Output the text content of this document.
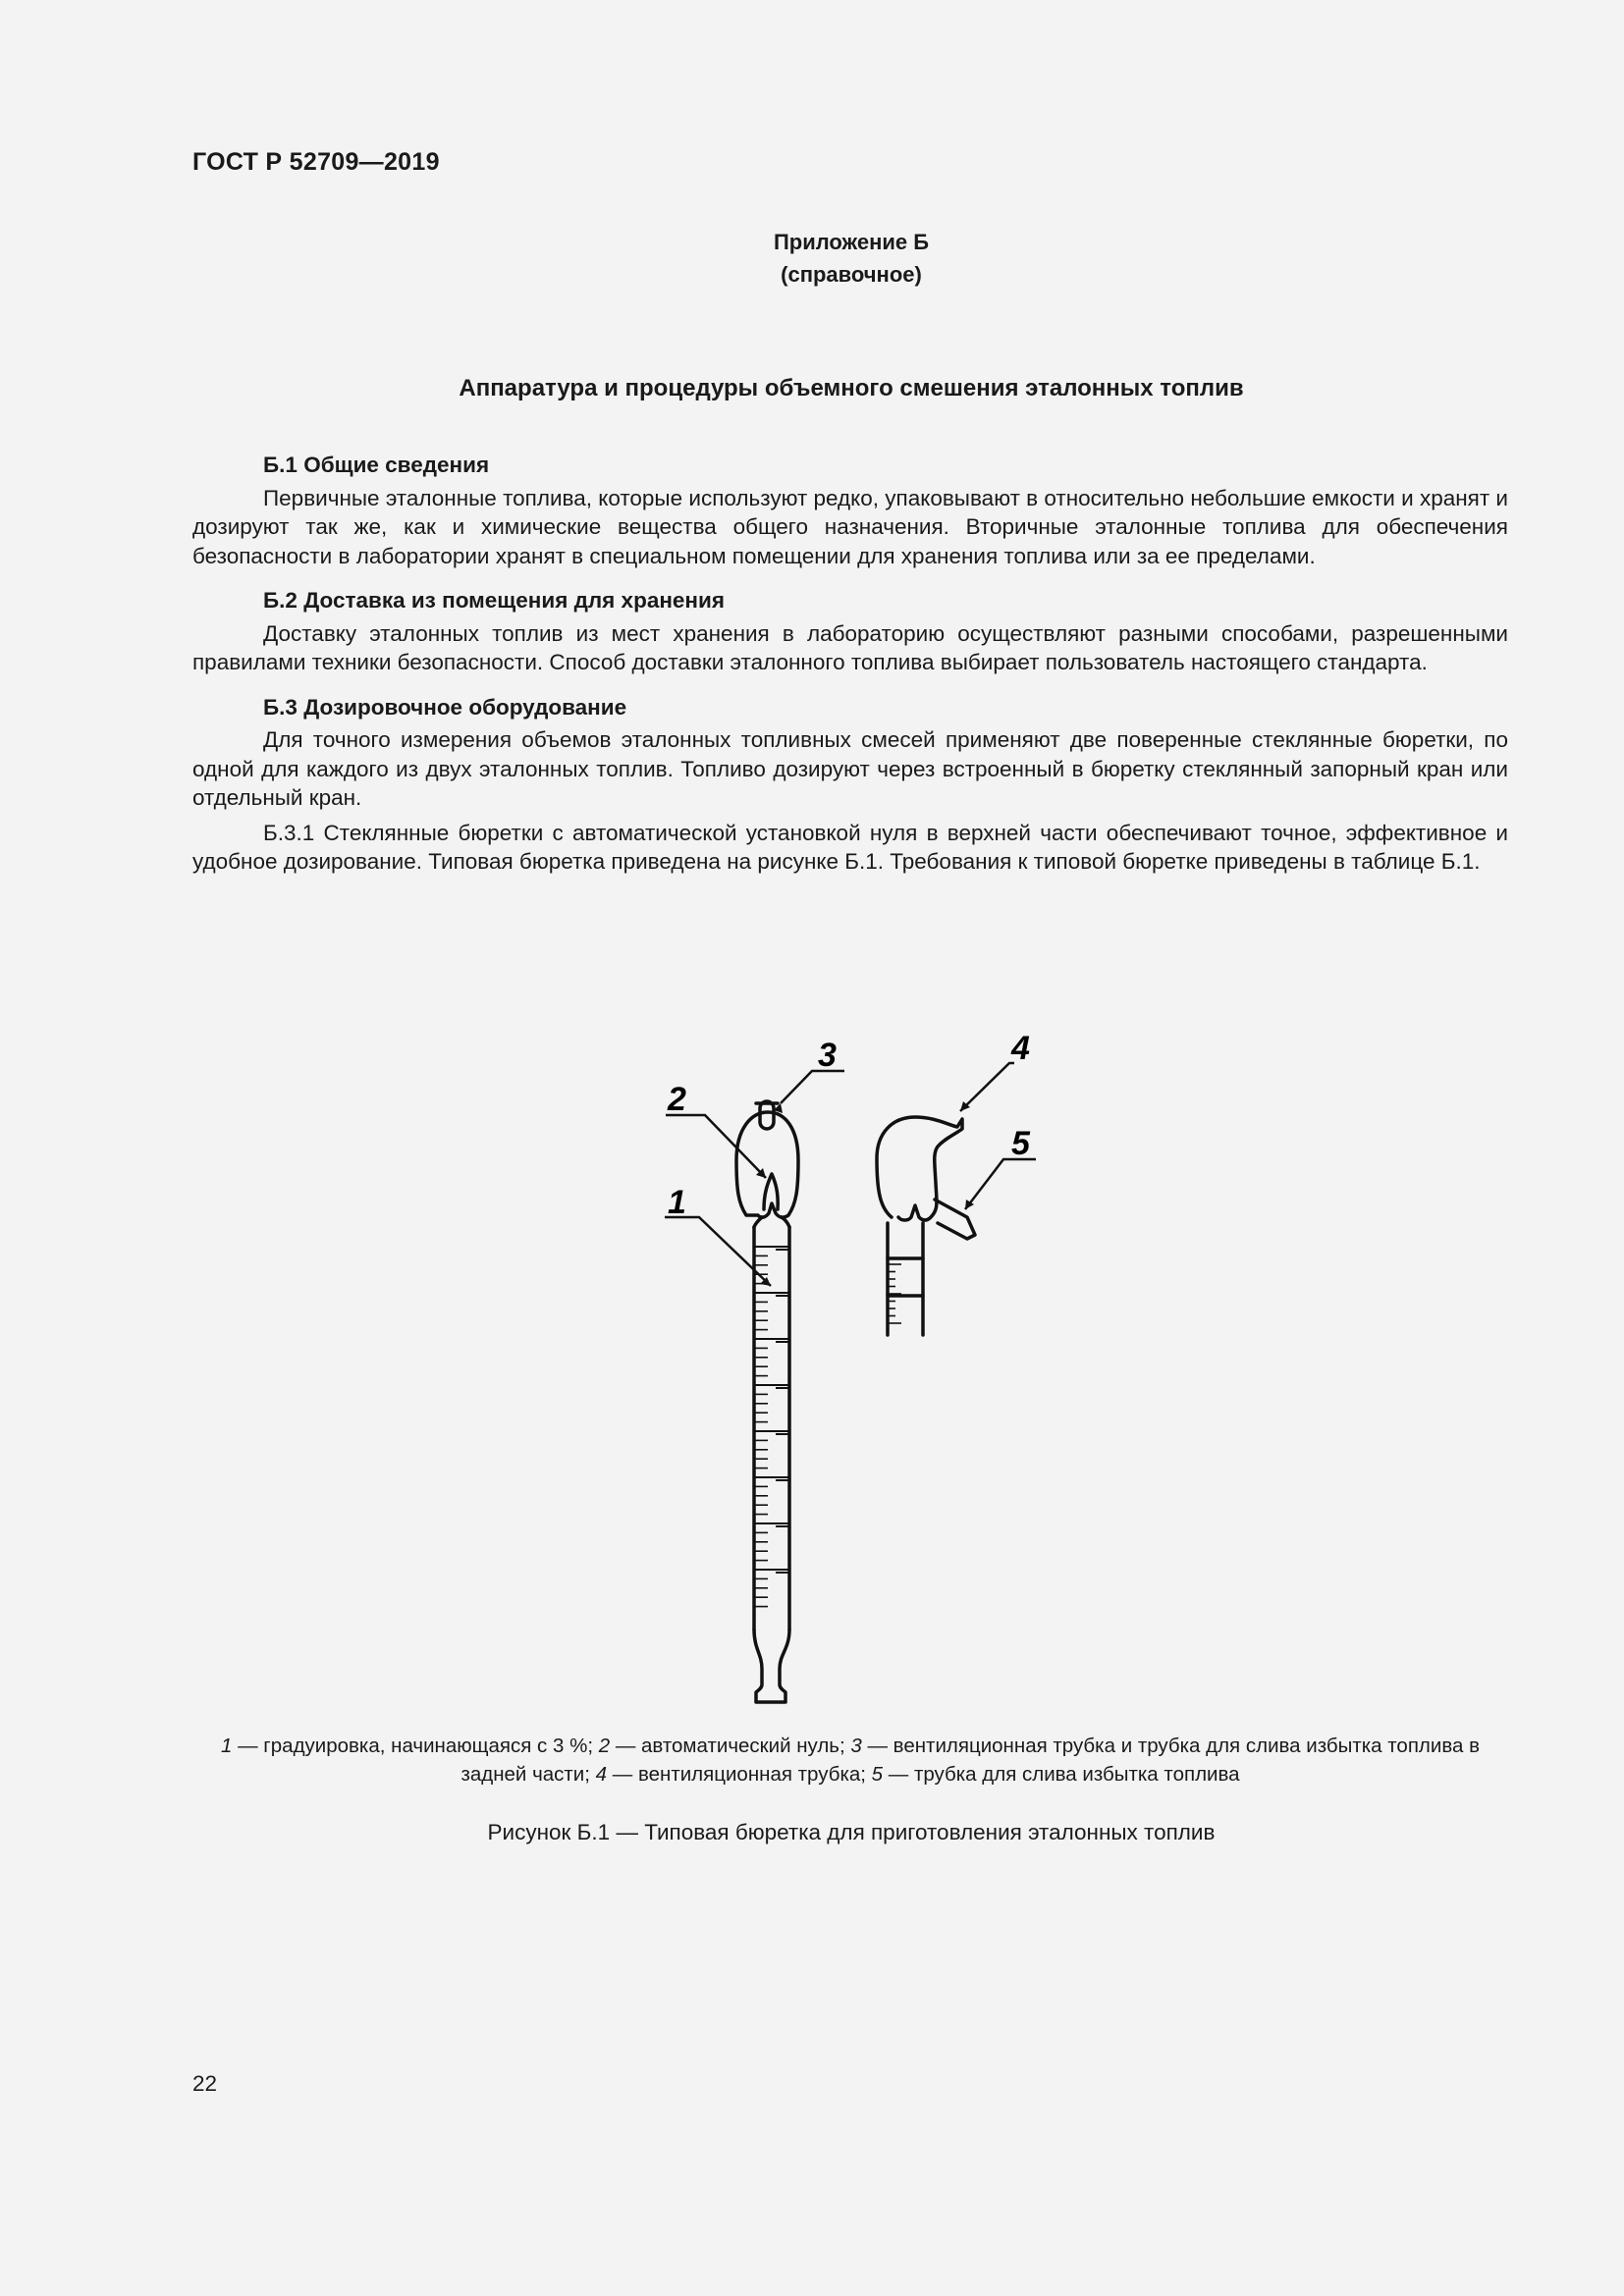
ГОСТ Р 52709—2019
Приложение Б
(справочное)
Аппаратура и процедуры объемного смешения эталонных топлив
Б.1 Общие сведения

Первичные эталонные топлива, которые используют редко, упаковывают в относительно небольшие емкости и хранят и дозируют так же, как и химические вещества общего назначения. Вторичные эталонные топлива для обеспечения безопасности в лаборатории хранят в специальном помещении для хранения топлива или за ее пределами.

Б.2 Доставка из помещения для хранения

Доставку эталонных топлив из мест хранения в лабораторию осуществляют разными способами, разрешенными правилами техники безопасности. Способ доставки эталонного топлива выбирает пользователь настоящего стандарта.

Б.3 Дозировочное оборудование

Для точного измерения объемов эталонных топливных смесей применяют две поверенные стеклянные бюретки, по одной для каждого из двух эталонных топлив. Топливо дозируют через встроенный в бюретку стеклянный запорный кран или отдельный кран.

Б.3.1 Стеклянные бюретки с автоматической установкой нуля в верхней части обеспечивают точное, эффективное и удобное дозирование. Типовая бюретка приведена на рисунке Б.1. Требования к типовой бюретке приведены в таблице Б.1.

1
2
3	4
5
1 — градуировка, начинающаяся с 3 %; 2 — автоматический нуль; 3 — вентиляционная трубка и трубка для слива избытка топлива в задней части; 4 — вентиляционная трубка; 5 — трубка для слива избытка топлива
Рисунок Б.1 — Типовая бюретка для приготовления эталонных топлив
22
